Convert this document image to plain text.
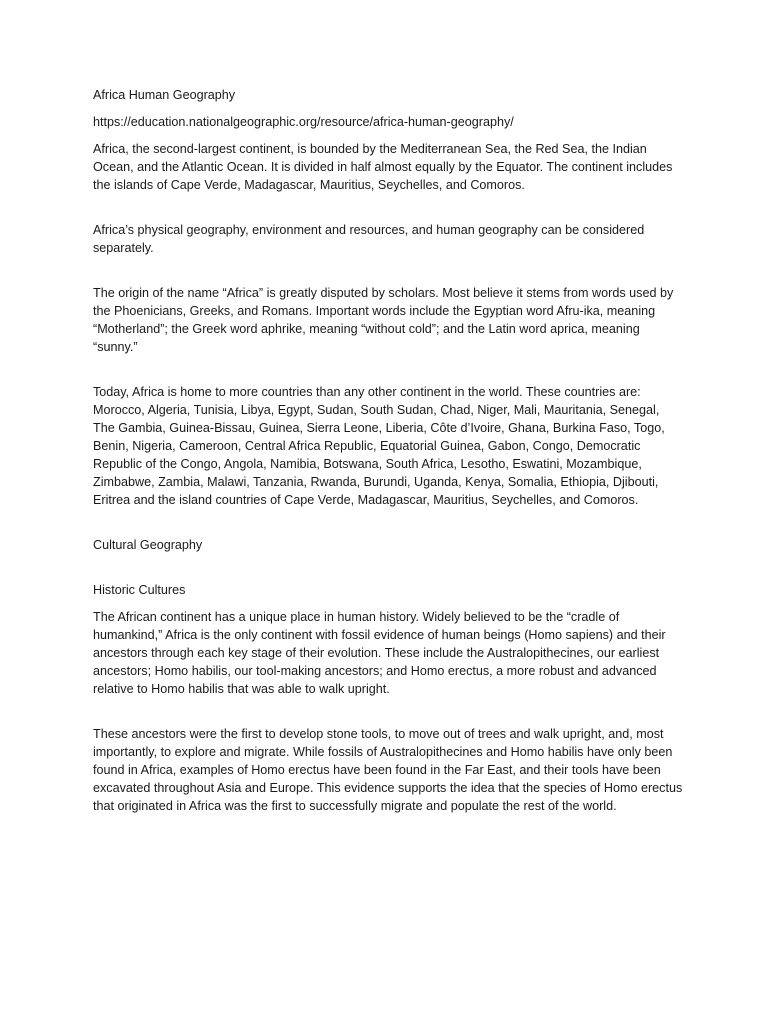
Africa Human Geography

https://education.nationalgeographic.org/resource/africa-human-geography/

Africa, the second-largest continent, is bounded by the Mediterranean Sea, the Red Sea, the Indian Ocean, and the Atlantic Ocean. It is divided in half almost equally by the Equator. The continent includes the islands of Cape Verde, Madagascar, Mauritius, Seychelles, and Comoros.

Africa’s physical geography, environment and resources, and human geography can be considered separately.

The origin of the name “Africa” is greatly disputed by scholars. Most believe it stems from words used by the Phoenicians, Greeks, and Romans. Important words include the Egyptian word Afru-ika, meaning “Motherland”; the Greek word aphrike, meaning “without cold”; and the Latin word aprica, meaning “sunny.”

Today, Africa is home to more countries than any other continent in the world. These countries are: Morocco, Algeria, Tunisia, Libya, Egypt, Sudan, South Sudan, Chad, Niger, Mali, Mauritania, Senegal, The Gambia, Guinea-Bissau, Guinea, Sierra Leone, Liberia, Côte d’Ivoire, Ghana, Burkina Faso, Togo, Benin, Nigeria, Cameroon, Central Africa Republic, Equatorial Guinea, Gabon, Congo, Democratic Republic of the Congo, Angola, Namibia, Botswana, South Africa, Lesotho, Eswatini, Mozambique, Zimbabwe, Zambia, Malawi, Tanzania, Rwanda, Burundi, Uganda, Kenya, Somalia, Ethiopia, Djibouti, Eritrea and the island countries of Cape Verde, Madagascar, Mauritius, Seychelles, and Comoros.

Cultural Geography

Historic Cultures

The African continent has a unique place in human history. Widely believed to be the “cradle of humankind,” Africa is the only continent with fossil evidence of human beings (Homo sapiens) and their ancestors through each key stage of their evolution. These include the Australopithecines, our earliest ancestors; Homo habilis, our tool-making ancestors; and Homo erectus, a more robust and advanced relative to Homo habilis that was able to walk upright.

These ancestors were the first to develop stone tools, to move out of trees and walk upright, and, most importantly, to explore and migrate. While fossils of Australopithecines and Homo habilis have only been found in Africa, examples of Homo erectus have been found in the Far East, and their tools have been excavated throughout Asia and Europe. This evidence supports the idea that the species of Homo erectus that originated in Africa was the first to successfully migrate and populate the rest of the world.
